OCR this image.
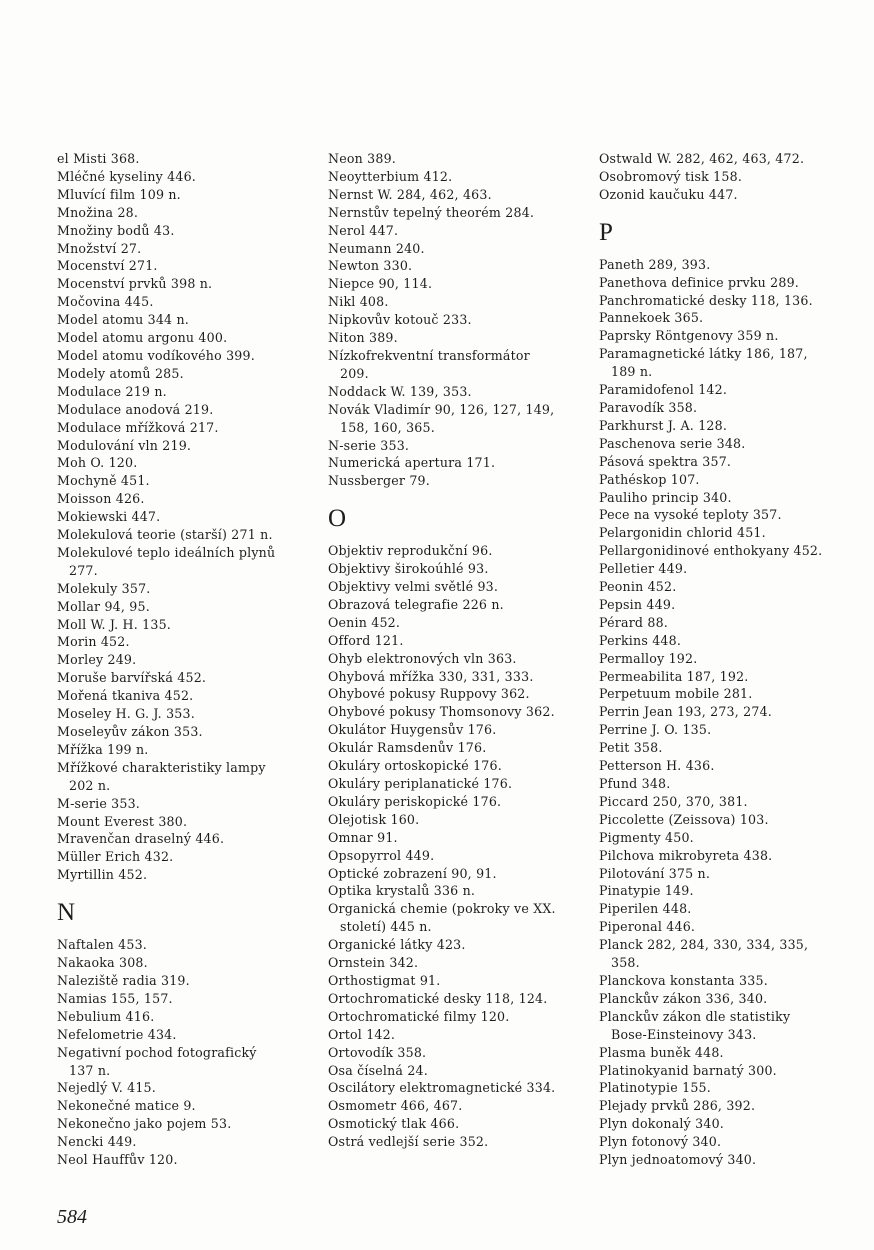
el Misti 368.
Mléčné kyseliny 446.
Mluvící film 109 n.
Množina 28.
Množiny bodů 43.
Množství 27.
Mocenství 271.
Mocenství prvků 398 n.
Močovina 445.
Model atomu 344 n.
Model atomu argonu 400.
Model atomu vodíkového 399.
Modely atomů 285.
Modulace 219 n.
Modulace anodová 219.
Modulace mřížková 217.
Modulování vln 219.
Moh O. 120.
Mochyně 451.
Moisson 426.
Mokiewski 447.
Molekulová teorie (starší) 271 n.
Molekulové teplo ideálních plynů 277.
Molekuly 357.
Mollar 94, 95.
Moll W. J. H. 135.
Morin 452.
Morley 249.
Moruše barvířská 452.
Mořená tkaniva 452.
Moseley H. G. J. 353.
Moseleyův zákon 353.
Mřížka 199 n.
Mřížkové charakteristiky lampy 202 n.
M-serie 353.
Mount Everest 380.
Mravenčan draselný 446.
Müller Erich 432.
Myrtillin 452.
N
Naftalen 453.
Nakaoka 308.
Naleziště radia 319.
Namias 155, 157.
Nebulium 416.
Nefelometrie 434.
Negativní pochod fotografický 137 n.
Nejedlý V. 415.
Nekonečné matice 9.
Nekonečno jako pojem 53.
Nencki 449.
Neol Hauffův 120.
Neon 389.
Neoytterbium 412.
Nernst W. 284, 462, 463.
Nernstův tepelný theorém 284.
Nerol 447.
Neumann 240.
Newton 330.
Niepce 90, 114.
Nikl 408.
Nipkovův kotouč 233.
Niton 389.
Nízkofrekventní transformátor 209.
Noddack W. 139, 353.
Novák Vladimír 90, 126, 127, 149, 158, 160, 365.
N-serie 353.
Numerická apertura 171.
Nussberger 79.
O
Objektiv reprodukční 96.
Objektivy širokoúhlé 93.
Objektivy velmi světlé 93.
Obrazová telegrafie 226 n.
Oenin 452.
Offord 121.
Ohyb elektronových vln 363.
Ohybová mřížka 330, 331, 333.
Ohybové pokusy Ruppovy 362.
Ohybové pokusy Thomsonovy 362.
Okulátor Huygensův 176.
Okulár Ramsdenův 176.
Okuláry ortoskopické 176.
Okuláry periplanatické 176.
Okuláry periskopické 176.
Olejotisk 160.
Omnar 91.
Opsopyrrol 449.
Optické zobrazení 90, 91.
Optika krystalů 336 n.
Organická chemie (pokroky ve XX. století) 445 n.
Organické látky 423.
Ornstein 342.
Orthostigmat 91.
Ortochromatické desky 118, 124.
Ortochromatické filmy 120.
Ortol 142.
Ortovodík 358.
Osa číselná 24.
Oscilátory elektromagnetické 334.
Osmometr 466, 467.
Osmotický tlak 466.
Ostrá vedlejší serie 352.
Ostwald W. 282, 462, 463, 472.
Osobromový tisk 158.
Ozonid kaučuku 447.
P
Paneth 289, 393.
Panethova definice prvku 289.
Panchromatické desky 118, 136.
Pannekoek 365.
Paprsky Röntgenovy 359 n.
Paramagnetické látky 186, 187, 189 n.
Paramidofenol 142.
Paravodík 358.
Parkhurst J. A. 128.
Paschenova serie 348.
Pásová spektra 357.
Pathéskop 107.
Pauliho princip 340.
Pece na vysoké teploty 357.
Pelargonidin chlorid 451.
Pellargonidinové enthokyany 452.
Pelletier 449.
Peonin 452.
Pepsin 449.
Pérard 88.
Perkins 448.
Permalloy 192.
Permeabilita 187, 192.
Perpetuum mobile 281.
Perrin Jean 193, 273, 274.
Perrine J. O. 135.
Petit 358.
Petterson H. 436.
Pfund 348.
Piccard 250, 370, 381.
Piccolette (Zeissova) 103.
Pigmenty 450.
Pilchova mikrobyreta 438.
Pilotování 375 n.
Pinatypie 149.
Piperilen 448.
Piperonal 446.
Planck 282, 284, 330, 334, 335, 358.
Planckova konstanta 335.
Planckův zákon 336, 340.
Planckův zákon dle statistiky Bose-Einsteinovy 343.
Plasma buněk 448.
Platinokyanid barnatý 300.
Platinotypie 155.
Plejady prvků 286, 392.
Plyn dokonalý 340.
Plyn fotonový 340.
Plyn jednoatomový 340.
584
